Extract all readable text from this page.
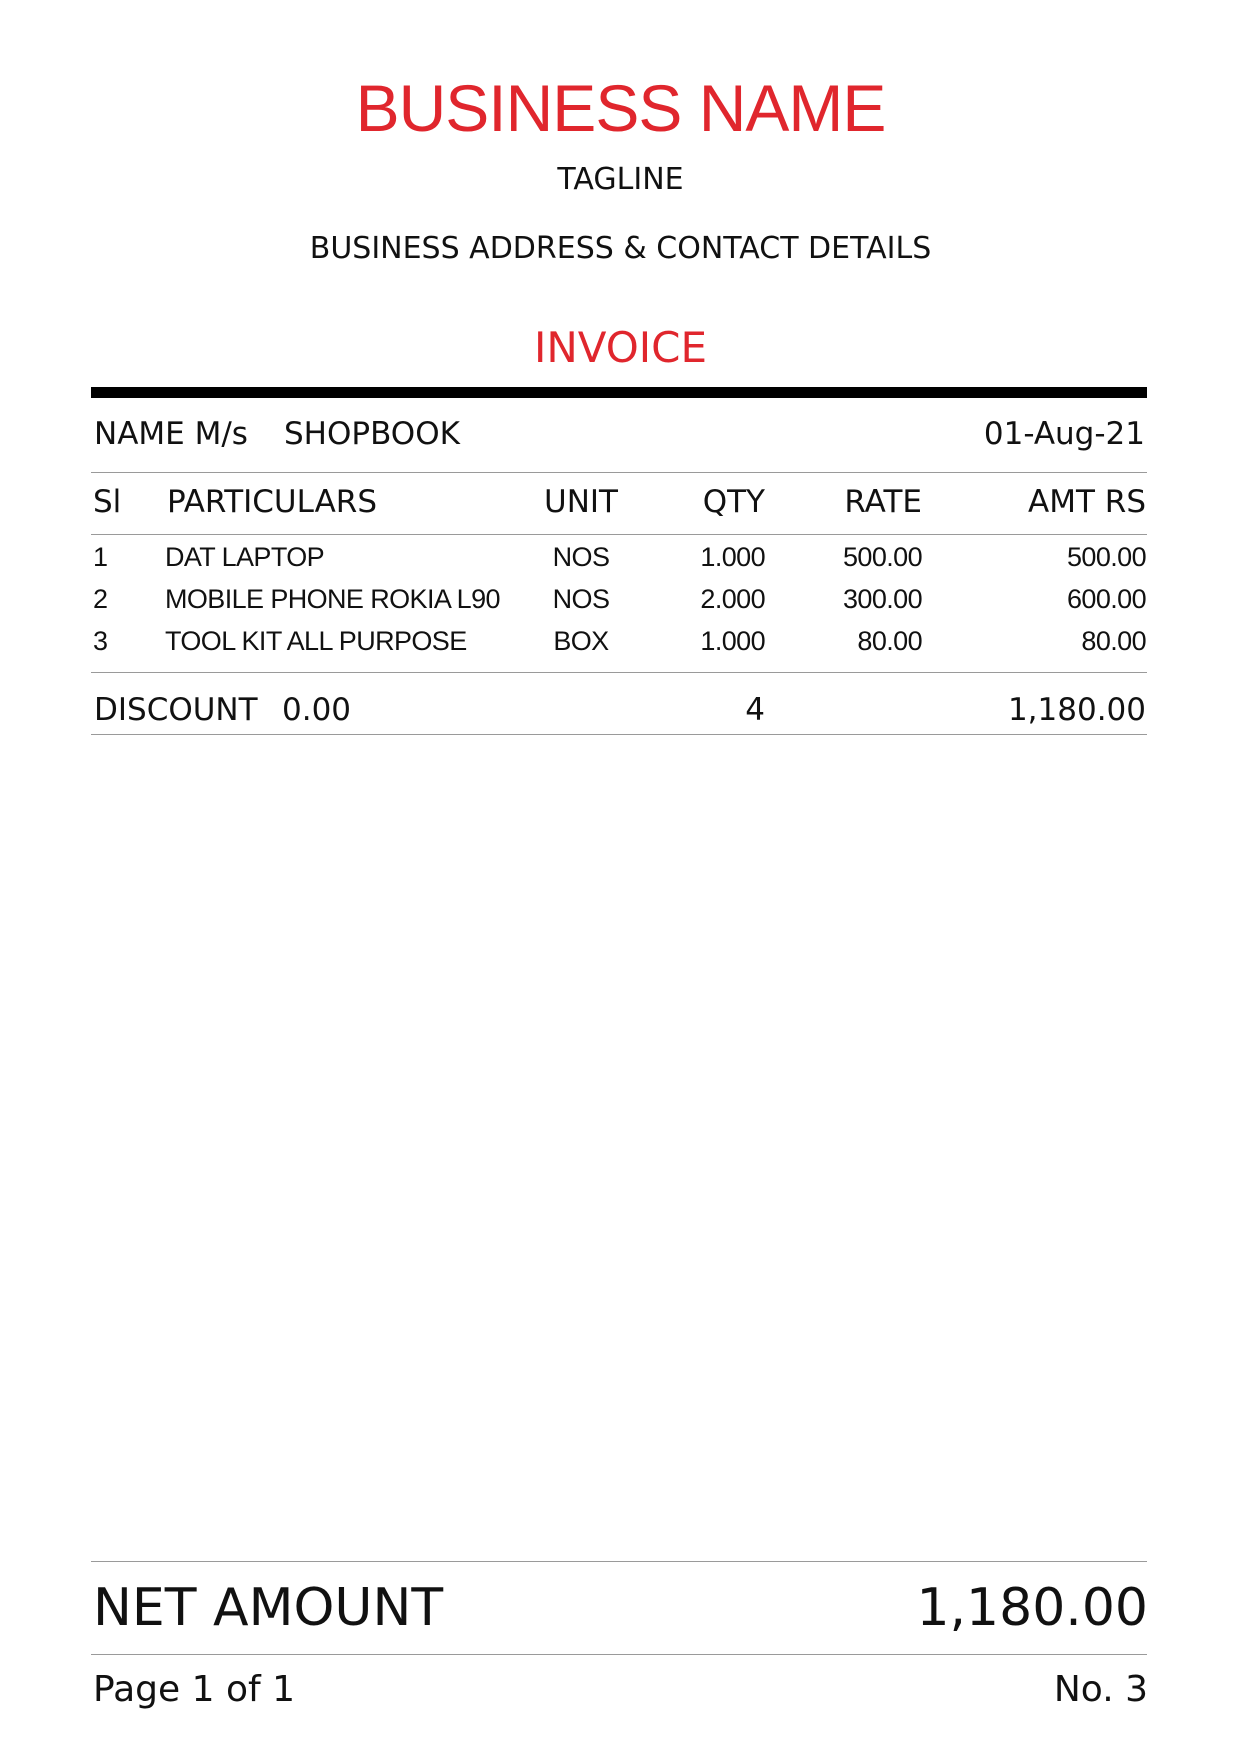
BUSINESS NAME
TAGLINE
BUSINESS ADDRESS & CONTACT DETAILS
INVOICE
NAME M/s SHOPBOOK	01-Aug-21
Sl PARTICULARS	UNIT	QTY	RATE	AMT RS
1 DAT LAPTOP	NOS	1.000	500.00	500.00
2 MOBILE PHONE ROKIA L90	NOS	2.000	300.00	600.00
3 TOOL KIT ALL PURPOSE	BOX	1.000	80.00	80.00
DISCOUNT 0.00	4	1,180.00
NET AMOUNT	1,180.00
Page 1 of 1	No. 3
